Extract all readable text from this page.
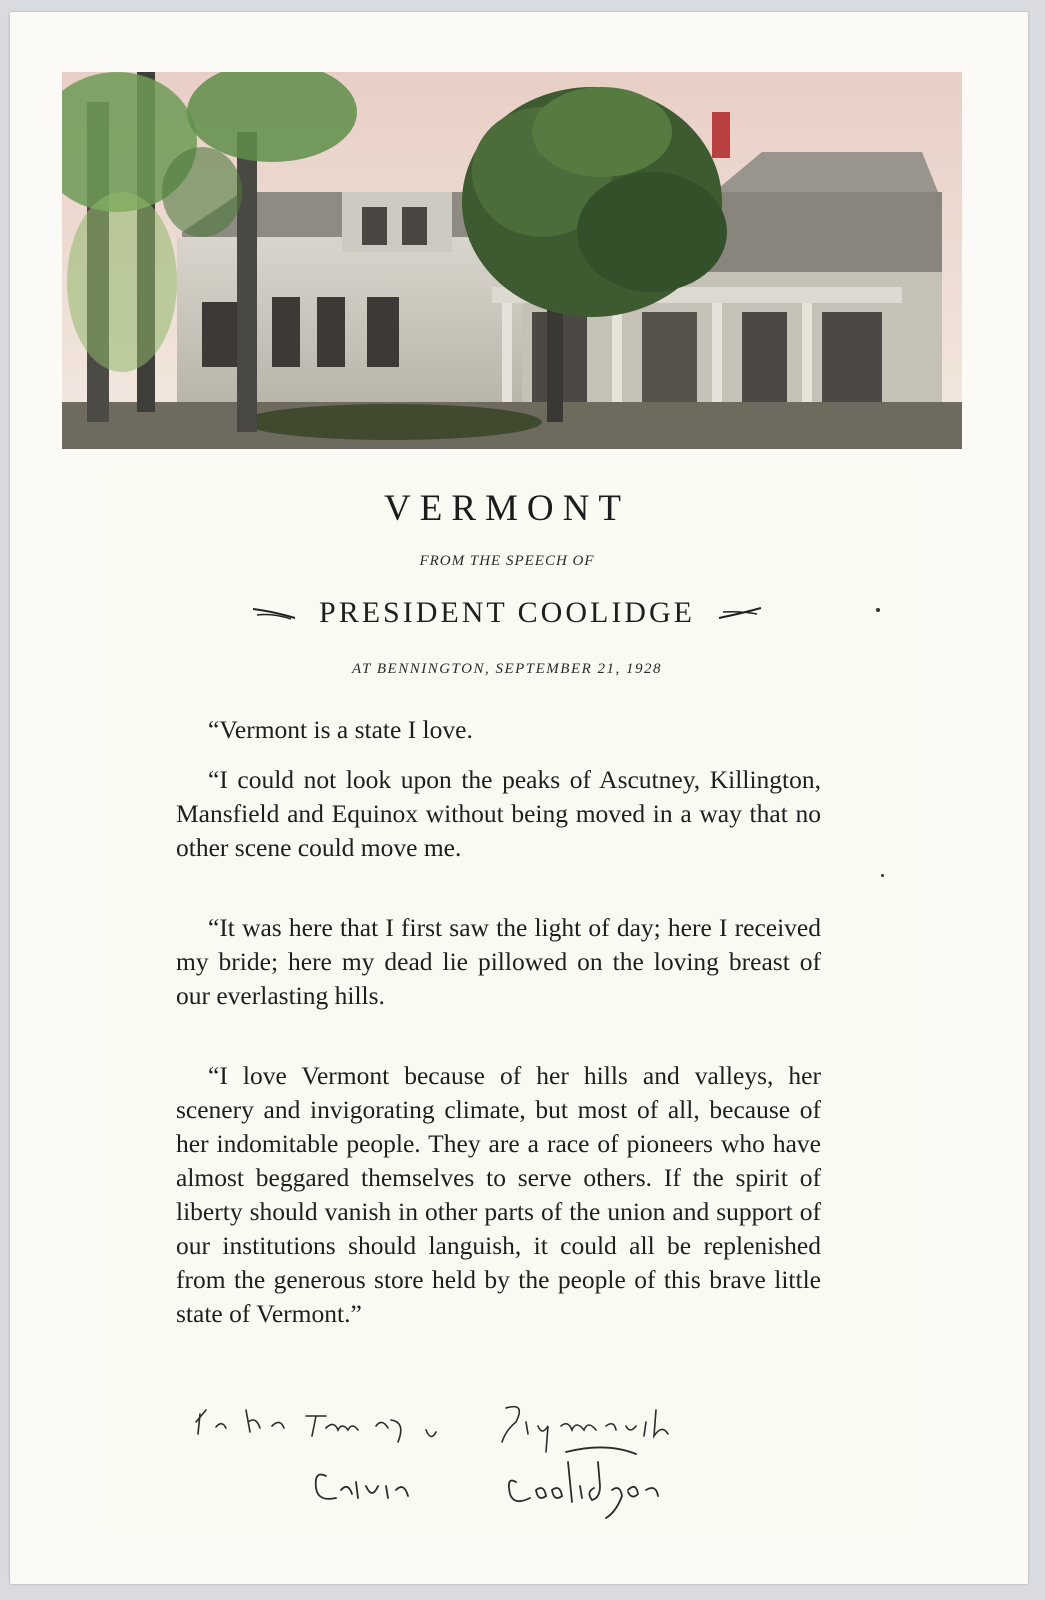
VERMONT
FROM THE SPEECH OF
PRESIDENT COOLIDGE
AT BENNINGTON, SEPTEMBER 21, 1928

“Vermont is a state I love.

“I could not look upon the peaks of Ascutney, Killington, Mansfield and Equinox without being moved in a way that no other scene could move me.

“It was here that I first saw the light of day; here I received my bride; here my dead lie pillowed on the loving breast of our everlasting hills.

“I love Vermont because of her hills and valleys, her scenery and invigorating climate, but most of all, because of her indomitable people. They are a race of pioneers who have almost beggared themselves to serve others. If the spirit of liberty should vanish in other parts of the union and support of our institutions should languish, it could all be replenished from the generous store held by the people of this brave little state of Vermont.”
